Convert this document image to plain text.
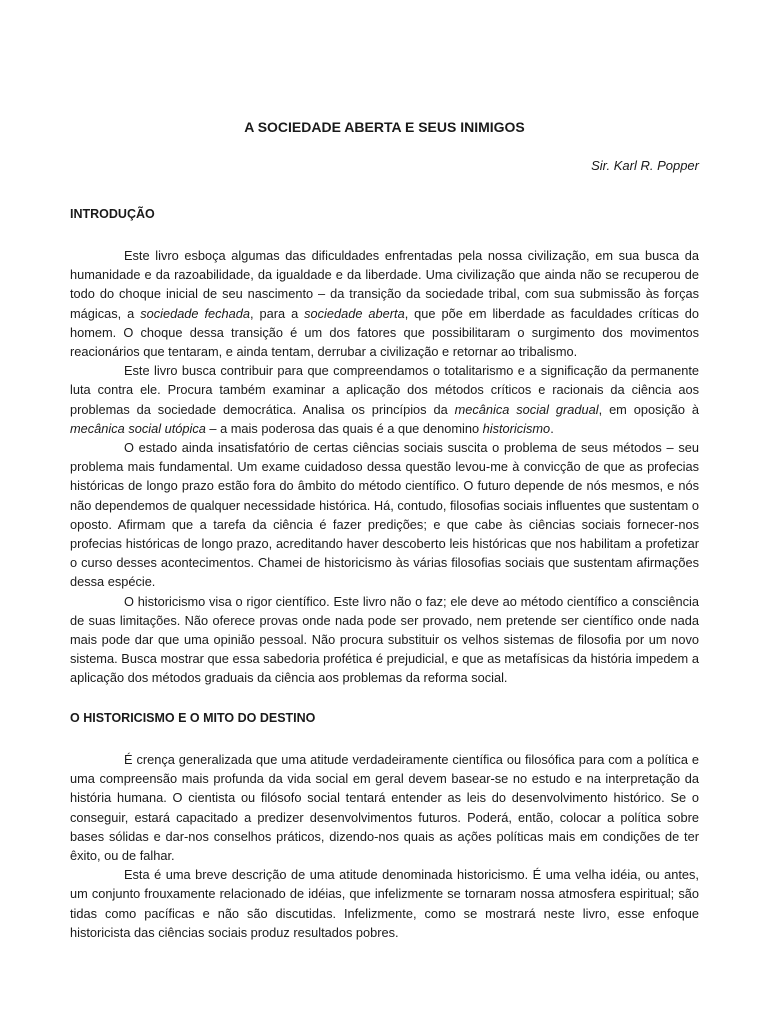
A SOCIEDADE ABERTA E SEUS INIMIGOS
Sir. Karl R. Popper
INTRODUÇÃO

Este livro esboça algumas das dificuldades enfrentadas pela nossa civilização, em sua busca da humanidade e da razoabilidade, da igualdade e da liberdade. Uma civilização que ainda não se recuperou de todo do choque inicial de seu nascimento – da transição da sociedade tribal, com sua submissão às forças mágicas, a sociedade fechada, para a sociedade aberta, que põe em liberdade as faculdades críticas do homem. O choque dessa transição é um dos fatores que possibilitaram o surgimento dos movimentos reacionários que tentaram, e ainda tentam, derrubar a civilização e retornar ao tribalismo.

Este livro busca contribuir para que compreendamos o totalitarismo e a significação da permanente luta contra ele. Procura também examinar a aplicação dos métodos críticos e racionais da ciência aos problemas da sociedade democrática. Analisa os princípios da mecânica social gradual, em oposição à mecânica social utópica – a mais poderosa das quais é a que denomino historicismo.

O estado ainda insatisfatório de certas ciências sociais suscita o problema de seus métodos – seu problema mais fundamental. Um exame cuidadoso dessa questão levou-me à convicção de que as profecias históricas de longo prazo estão fora do âmbito do método científico. O futuro depende de nós mesmos, e nós não dependemos de qualquer necessidade histórica. Há, contudo, filosofias sociais influentes que sustentam o oposto. Afirmam que a tarefa da ciência é fazer predições; e que cabe às ciências sociais fornecer-nos profecias históricas de longo prazo, acreditando haver descoberto leis históricas que nos habilitam a profetizar o curso desses acontecimentos. Chamei de historicismo às várias filosofias sociais que sustentam afirmações dessa espécie.

O historicismo visa o rigor científico. Este livro não o faz; ele deve ao método científico a consciência de suas limitações. Não oferece provas onde nada pode ser provado, nem pretende ser científico onde nada mais pode dar que uma opinião pessoal. Não procura substituir os velhos sistemas de filosofia por um novo sistema. Busca mostrar que essa sabedoria profética é prejudicial, e que as metafísicas da história impedem a aplicação dos métodos graduais da ciência aos problemas da reforma social.

O HISTORICISMO E O MITO DO DESTINO

É crença generalizada que uma atitude verdadeiramente científica ou filosófica para com a política e uma compreensão mais profunda da vida social em geral devem basear-se no estudo e na interpretação da história humana. O cientista ou filósofo social tentará entender as leis do desenvolvimento histórico. Se o conseguir, estará capacitado a predizer desenvolvimentos futuros. Poderá, então, colocar a política sobre bases sólidas e dar-nos conselhos práticos, dizendo-nos quais as ações políticas mais em condições de ter êxito, ou de falhar.

Esta é uma breve descrição de uma atitude denominada historicismo. É uma velha idéia, ou antes, um conjunto frouxamente relacionado de idéias, que infelizmente se tornaram nossa atmosfera espiritual; são tidas como pacíficas e não são discutidas. Infelizmente, como se mostrará neste livro, esse enfoque historicista das ciências sociais produz resultados pobres.
